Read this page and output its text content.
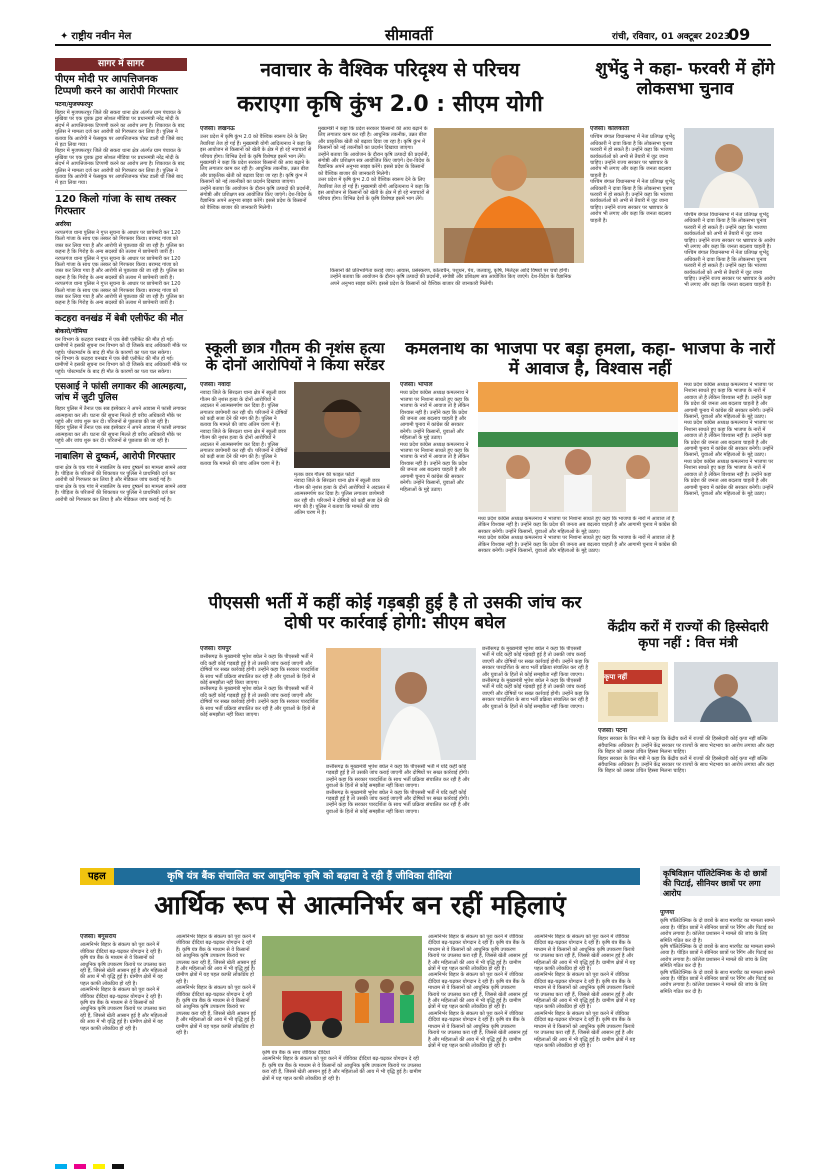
✦ राष्ट्रीय नवीन मेल	सीमावर्ती	रांची, रविवार, 01 अक्टूबर 2023
09
सागर में सागर
पीएम मोदी पर आपत्तिजनक टिप्पणी करने का आरोपी गिरफ्तार
पटना/मुजफ्फरपुर
बिहार में मुजफ्फरपुर जिले की सकरा थाना क्षेत्र अंतर्गत ग्राम पंचायत के मुखिया पर एक युवक द्वारा सोशल मीडिया पर प्रधानमंत्री नरेंद्र मोदी के संदर्भ में आपत्तिजनक टिप्पणी करने का आरोप लगा है। शिकायत के बाद पुलिस ने मामला दर्ज कर आरोपी को गिरफ्तार कर लिया है। पुलिस ने बताया कि आरोपी ने फेसबुक पर आपत्तिजनक पोस्ट डाली थी जिसे बाद में हटा लिया गया।
बिहार में मुजफ्फरपुर जिले की सकरा थाना क्षेत्र अंतर्गत ग्राम पंचायत के मुखिया पर एक युवक द्वारा सोशल मीडिया पर प्रधानमंत्री नरेंद्र मोदी के संदर्भ में आपत्तिजनक टिप्पणी करने का आरोप लगा है। शिकायत के बाद पुलिस ने मामला दर्ज कर आरोपी को गिरफ्तार कर लिया है। पुलिस ने बताया कि आरोपी ने फेसबुक पर आपत्तिजनक पोस्ट डाली थी जिसे बाद में हटा लिया गया।
120 किलो गांजा के साथ तस्कर गिरफ्तार
अररिया
नरपतगंज थाना पुलिस ने गुप्त सूचना के आधार पर छापेमारी कर 120 किलो गांजा के साथ एक तस्कर को गिरफ्तार किया। बरामद गांजा को जब्त कर लिया गया है और आरोपी से पूछताछ की जा रही है। पुलिस का कहना है कि गिरोह के अन्य सदस्यों की तलाश में छापेमारी जारी है।
नरपतगंज थाना पुलिस ने गुप्त सूचना के आधार पर छापेमारी कर 120 किलो गांजा के साथ एक तस्कर को गिरफ्तार किया। बरामद गांजा को जब्त कर लिया गया है और आरोपी से पूछताछ की जा रही है। पुलिस का कहना है कि गिरोह के अन्य सदस्यों की तलाश में छापेमारी जारी है।
नरपतगंज थाना पुलिस ने गुप्त सूचना के आधार पर छापेमारी कर 120 किलो गांजा के साथ एक तस्कर को गिरफ्तार किया। बरामद गांजा को जब्त कर लिया गया है और आरोपी से पूछताछ की जा रही है। पुलिस का कहना है कि गिरोह के अन्य सदस्यों की तलाश में छापेमारी जारी है।
कटहरा वनखंड में बेबी एलीफेंट की मौत
बोकारो/गोमिया
वन विभाग के कटहरा वनखंड में एक बेबी एलीफेंट की मौत हो गई। ग्रामीणों ने इसकी सूचना वन विभाग को दी जिसके बाद अधिकारी मौके पर पहुंचे। पोस्टमार्टम के बाद ही मौत के कारणों का पता चल सकेगा।
वन विभाग के कटहरा वनखंड में एक बेबी एलीफेंट की मौत हो गई। ग्रामीणों ने इसकी सूचना वन विभाग को दी जिसके बाद अधिकारी मौके पर पहुंचे। पोस्टमार्टम के बाद ही मौत के कारणों का पता चल सकेगा।
एसआई ने फांसी लगाकर की आत्महत्या, जांच में जुटी पुलिस
बिहार पुलिस में तैनात एक सब इंस्पेक्टर ने अपने आवास में फांसी लगाकर आत्महत्या कर ली। घटना की सूचना मिलते ही वरीय अधिकारी मौके पर पहुंचे और जांच शुरू कर दी। परिजनों से पूछताछ की जा रही है।
बिहार पुलिस में तैनात एक सब इंस्पेक्टर ने अपने आवास में फांसी लगाकर आत्महत्या कर ली। घटना की सूचना मिलते ही वरीय अधिकारी मौके पर पहुंचे और जांच शुरू कर दी। परिजनों से पूछताछ की जा रही है।
नाबालिग से दुष्कर्म, आरोपी गिरफ्तार
थाना क्षेत्र के एक गांव में नाबालिग के साथ दुष्कर्म का मामला सामने आया है। पीड़िता के परिजनों की शिकायत पर पुलिस ने प्राथमिकी दर्ज कर आरोपी को गिरफ्तार कर लिया है और मेडिकल जांच कराई गई है।
थाना क्षेत्र के एक गांव में नाबालिग के साथ दुष्कर्म का मामला सामने आया है। पीड़िता के परिजनों की शिकायत पर पुलिस ने प्राथमिकी दर्ज कर आरोपी को गिरफ्तार कर लिया है और मेडिकल जांच कराई गई है।
नवाचार के वैश्विक परिदृश्य से परिचय
कराएगा कृषि कुंभ 2.0 : सीएम योगी
एजेंसी। लखनऊ
उत्तर प्रदेश में कृषि कुंभ 2.0 को वैश्विक स्वरूप देने के लिए तैयारियां तेज हो गई हैं। मुख्यमंत्री योगी आदित्यनाथ ने कहा कि इस आयोजन से किसानों को खेती के क्षेत्र में हो रहे नवाचारों से परिचय होगा। विभिन्न देशों के कृषि विशेषज्ञ इसमें भाग लेंगे।
मुख्यमंत्री ने कहा कि प्रदेश सरकार किसानों की आय बढ़ाने के लिए लगातार काम कर रही है। आधुनिक तकनीक, उन्नत बीज और प्राकृतिक खेती को बढ़ावा दिया जा रहा है। कृषि कुंभ में किसानों को नई तकनीकों का प्रदर्शन दिखाया जाएगा।
उन्होंने बताया कि आयोजन के दौरान कृषि उत्पादों की प्रदर्शनी, संगोष्ठी और प्रशिक्षण सत्र आयोजित किए जाएंगे। देश-विदेश के वैज्ञानिक अपने अनुभव साझा करेंगे। इससे प्रदेश के किसानों को वैश्विक बाजार की जानकारी मिलेगी।
मुख्यमंत्री ने कहा कि प्रदेश सरकार किसानों की आय बढ़ाने के लिए लगातार काम कर रही है। आधुनिक तकनीक, उन्नत बीज और प्राकृतिक खेती को बढ़ावा दिया जा रहा है। कृषि कुंभ में किसानों को नई तकनीकों का प्रदर्शन दिखाया जाएगा।
उन्होंने बताया कि आयोजन के दौरान कृषि उत्पादों की प्रदर्शनी, संगोष्ठी और प्रशिक्षण सत्र आयोजित किए जाएंगे। देश-विदेश के वैज्ञानिक अपने अनुभव साझा करेंगे। इससे प्रदेश के किसानों को वैश्विक बाजार की जानकारी मिलेगी।
उत्तर प्रदेश में कृषि कुंभ 2.0 को वैश्विक स्वरूप देने के लिए तैयारियां तेज हो गई हैं। मुख्यमंत्री योगी आदित्यनाथ ने कहा कि इस आयोजन से किसानों को खेती के क्षेत्र में हो रहे नवाचारों से परिचय होगा। विभिन्न देशों के कृषि विशेषज्ञ इसमें भाग लेंगे।
किसानों की प्रतिभागिता कराई जाए। आवास, प्रसंस्करण, कोल्डचैन, पशुधन, पेय, जलवायु, कृषि, मिलेट्स आदि विषयों पर चर्चा होगी।
उन्होंने बताया कि आयोजन के दौरान कृषि उत्पादों की प्रदर्शनी, संगोष्ठी और प्रशिक्षण सत्र आयोजित किए जाएंगे। देश-विदेश के वैज्ञानिक अपने अनुभव साझा करेंगे। इससे प्रदेश के किसानों को वैश्विक बाजार की जानकारी मिलेगी।
शुभेंदु ने कहा- फरवरी में होंगे लोकसभा चुनाव
एजेंसी। कोलकाता
पश्चिम बंगाल विधानसभा में नेता प्रतिपक्ष शुभेंदु अधिकारी ने दावा किया है कि लोकसभा चुनाव फरवरी में हो सकते हैं। उन्होंने कहा कि भाजपा कार्यकर्ताओं को अभी से तैयारी में जुट जाना चाहिए। उन्होंने राज्य सरकार पर भ्रष्टाचार के आरोप भी लगाए और कहा कि जनता बदलाव चाहती है।
पश्चिम बंगाल विधानसभा में नेता प्रतिपक्ष शुभेंदु अधिकारी ने दावा किया है कि लोकसभा चुनाव फरवरी में हो सकते हैं। उन्होंने कहा कि भाजपा कार्यकर्ताओं को अभी से तैयारी में जुट जाना चाहिए। उन्होंने राज्य सरकार पर भ्रष्टाचार के आरोप भी लगाए और कहा कि जनता बदलाव चाहती है।
पश्चिम बंगाल विधानसभा में नेता प्रतिपक्ष शुभेंदु अधिकारी ने दावा किया है कि लोकसभा चुनाव फरवरी में हो सकते हैं। उन्होंने कहा कि भाजपा कार्यकर्ताओं को अभी से तैयारी में जुट जाना चाहिए। उन्होंने राज्य सरकार पर भ्रष्टाचार के आरोप भी लगाए और कहा कि जनता बदलाव चाहती है।
पश्चिम बंगाल विधानसभा में नेता प्रतिपक्ष शुभेंदु अधिकारी ने दावा किया है कि लोकसभा चुनाव फरवरी में हो सकते हैं। उन्होंने कहा कि भाजपा कार्यकर्ताओं को अभी से तैयारी में जुट जाना चाहिए। उन्होंने राज्य सरकार पर भ्रष्टाचार के आरोप भी लगाए और कहा कि जनता बदलाव चाहती है।
स्कूली छात्र गौतम की नृशंस हत्या के दोनों आरोपियों ने किया सरेंडर
एजेंसी। नवादा
नवादा जिले के सिरदला थाना क्षेत्र में स्कूली छात्र गौतम की नृशंस हत्या के दोनों आरोपियों ने अदालत में आत्मसमर्पण कर दिया है। पुलिस लगातार छापेमारी कर रही थी। परिजनों ने दोषियों को कड़ी सजा देने की मांग की है। पुलिस ने बताया कि मामले की जांच अंतिम चरण में है।
नवादा जिले के सिरदला थाना क्षेत्र में स्कूली छात्र गौतम की नृशंस हत्या के दोनों आरोपियों ने अदालत में आत्मसमर्पण कर दिया है। पुलिस लगातार छापेमारी कर रही थी। परिजनों ने दोषियों को कड़ी सजा देने की मांग की है। पुलिस ने बताया कि मामले की जांच अंतिम चरण में है।
मृतक छात्र गौतम की फाइल फोटो
नवादा जिले के सिरदला थाना क्षेत्र में स्कूली छात्र गौतम की नृशंस हत्या के दोनों आरोपियों ने अदालत में आत्मसमर्पण कर दिया है। पुलिस लगातार छापेमारी कर रही थी। परिजनों ने दोषियों को कड़ी सजा देने की मांग की है। पुलिस ने बताया कि मामले की जांच अंतिम चरण में है।
कमलनाथ का भाजपा पर बड़ा हमला, कहा- भाजपा के नारों में आवाज है, विश्वास नहीं
एजेंसी। भोपाल
मध्य प्रदेश कांग्रेस अध्यक्ष कमलनाथ ने भाजपा पर निशाना साधते हुए कहा कि भाजपा के नारों में आवाज तो है लेकिन विश्वास नहीं है। उन्होंने कहा कि प्रदेश की जनता अब बदलाव चाहती है और आगामी चुनाव में कांग्रेस की सरकार बनेगी। उन्होंने किसानों, युवाओं और महिलाओं के मुद्दे उठाए।
मध्य प्रदेश कांग्रेस अध्यक्ष कमलनाथ ने भाजपा पर निशाना साधते हुए कहा कि भाजपा के नारों में आवाज तो है लेकिन विश्वास नहीं है। उन्होंने कहा कि प्रदेश की जनता अब बदलाव चाहती है और आगामी चुनाव में कांग्रेस की सरकार बनेगी। उन्होंने किसानों, युवाओं और महिलाओं के मुद्दे उठाए।
मध्य प्रदेश कांग्रेस अध्यक्ष कमलनाथ ने भाजपा पर निशाना साधते हुए कहा कि भाजपा के नारों में आवाज तो है लेकिन विश्वास नहीं है। उन्होंने कहा कि प्रदेश की जनता अब बदलाव चाहती है और आगामी चुनाव में कांग्रेस की सरकार बनेगी। उन्होंने किसानों, युवाओं और महिलाओं के मुद्दे उठाए।
मध्य प्रदेश कांग्रेस अध्यक्ष कमलनाथ ने भाजपा पर निशाना साधते हुए कहा कि भाजपा के नारों में आवाज तो है लेकिन विश्वास नहीं है। उन्होंने कहा कि प्रदेश की जनता अब बदलाव चाहती है और आगामी चुनाव में कांग्रेस की सरकार बनेगी। उन्होंने किसानों, युवाओं और महिलाओं के मुद्दे उठाए।
मध्य प्रदेश कांग्रेस अध्यक्ष कमलनाथ ने भाजपा पर निशाना साधते हुए कहा कि भाजपा के नारों में आवाज तो है लेकिन विश्वास नहीं है। उन्होंने कहा कि प्रदेश की जनता अब बदलाव चाहती है और आगामी चुनाव में कांग्रेस की सरकार बनेगी। उन्होंने किसानों, युवाओं और महिलाओं के मुद्दे उठाए।
मध्य प्रदेश कांग्रेस अध्यक्ष कमलनाथ ने भाजपा पर निशाना साधते हुए कहा कि भाजपा के नारों में आवाज तो है लेकिन विश्वास नहीं है। उन्होंने कहा कि प्रदेश की जनता अब बदलाव चाहती है और आगामी चुनाव में कांग्रेस की सरकार बनेगी। उन्होंने किसानों, युवाओं और महिलाओं के मुद्दे उठाए।
मध्य प्रदेश कांग्रेस अध्यक्ष कमलनाथ ने भाजपा पर निशाना साधते हुए कहा कि भाजपा के नारों में आवाज तो है लेकिन विश्वास नहीं है। उन्होंने कहा कि प्रदेश की जनता अब बदलाव चाहती है और आगामी चुनाव में कांग्रेस की सरकार बनेगी। उन्होंने किसानों, युवाओं और महिलाओं के मुद्दे उठाए।
पीएससी भर्ती में कहीं कोई गड़बड़ी हुई है तो उसकी जांच कर दोषी पर कार्रवाई होगी: सीएम बघेल
एजेंसी। रायपुर
छत्तीसगढ़ के मुख्यमंत्री भूपेश बघेल ने कहा कि पीएससी भर्ती में यदि कहीं कोई गड़बड़ी हुई है तो उसकी जांच कराई जाएगी और दोषियों पर सख्त कार्रवाई होगी। उन्होंने कहा कि सरकार पारदर्शिता के साथ भर्ती प्रक्रिया संचालित कर रही है और युवाओं के हितों से कोई समझौता नहीं किया जाएगा।
छत्तीसगढ़ के मुख्यमंत्री भूपेश बघेल ने कहा कि पीएससी भर्ती में यदि कहीं कोई गड़बड़ी हुई है तो उसकी जांच कराई जाएगी और दोषियों पर सख्त कार्रवाई होगी। उन्होंने कहा कि सरकार पारदर्शिता के साथ भर्ती प्रक्रिया संचालित कर रही है और युवाओं के हितों से कोई समझौता नहीं किया जाएगा।
छत्तीसगढ़ के मुख्यमंत्री भूपेश बघेल ने कहा कि पीएससी भर्ती में यदि कहीं कोई गड़बड़ी हुई है तो उसकी जांच कराई जाएगी और दोषियों पर सख्त कार्रवाई होगी। उन्होंने कहा कि सरकार पारदर्शिता के साथ भर्ती प्रक्रिया संचालित कर रही है और युवाओं के हितों से कोई समझौता नहीं किया जाएगा।
छत्तीसगढ़ के मुख्यमंत्री भूपेश बघेल ने कहा कि पीएससी भर्ती में यदि कहीं कोई गड़बड़ी हुई है तो उसकी जांच कराई जाएगी और दोषियों पर सख्त कार्रवाई होगी। उन्होंने कहा कि सरकार पारदर्शिता के साथ भर्ती प्रक्रिया संचालित कर रही है और युवाओं के हितों से कोई समझौता नहीं किया जाएगा।
छत्तीसगढ़ के मुख्यमंत्री भूपेश बघेल ने कहा कि पीएससी भर्ती में यदि कहीं कोई गड़बड़ी हुई है तो उसकी जांच कराई जाएगी और दोषियों पर सख्त कार्रवाई होगी। उन्होंने कहा कि सरकार पारदर्शिता के साथ भर्ती प्रक्रिया संचालित कर रही है और युवाओं के हितों से कोई समझौता नहीं किया जाएगा।
छत्तीसगढ़ के मुख्यमंत्री भूपेश बघेल ने कहा कि पीएससी भर्ती में यदि कहीं कोई गड़बड़ी हुई है तो उसकी जांच कराई जाएगी और दोषियों पर सख्त कार्रवाई होगी। उन्होंने कहा कि सरकार पारदर्शिता के साथ भर्ती प्रक्रिया संचालित कर रही है और युवाओं के हितों से कोई समझौता नहीं किया जाएगा।
केंद्रीय करों में राज्यों की हिस्सेदारी कृपा नहीं : वित्त मंत्री
कृपा नहीं
एजेंसी। पटना
बिहार सरकार के वित्त मंत्री ने कहा कि केंद्रीय करों में राज्यों की हिस्सेदारी कोई कृपा नहीं बल्कि संवैधानिक अधिकार है। उन्होंने केंद्र सरकार पर राज्यों के साथ भेदभाव का आरोप लगाया और कहा कि बिहार को उसका उचित हिस्सा मिलना चाहिए।
बिहार सरकार के वित्त मंत्री ने कहा कि केंद्रीय करों में राज्यों की हिस्सेदारी कोई कृपा नहीं बल्कि संवैधानिक अधिकार है। उन्होंने केंद्र सरकार पर राज्यों के साथ भेदभाव का आरोप लगाया और कहा कि बिहार को उसका उचित हिस्सा मिलना चाहिए।
पहल	कृषि यंत्र बैंक संचालित कर आधुनिक कृषि को बढ़ावा दे रही हैं जीविका दीदियां
आर्थिक रूप से आत्मनिर्भर बन रहीं महिलाएं
एजेंसी। बेगूसराय
आत्मनिर्भर बिहार के संकल्प को पूरा करने में जीविका दीदियां बढ़-चढ़कर योगदान दे रही हैं। कृषि यंत्र बैंक के माध्यम से वे किसानों को आधुनिक कृषि उपकरण किराये पर उपलब्ध करा रही हैं, जिससे खेती आसान हुई है और महिलाओं की आय में भी वृद्धि हुई है। ग्रामीण क्षेत्रों में यह पहल काफी लोकप्रिय हो रही है।
आत्मनिर्भर बिहार के संकल्प को पूरा करने में जीविका दीदियां बढ़-चढ़कर योगदान दे रही हैं। कृषि यंत्र बैंक के माध्यम से वे किसानों को आधुनिक कृषि उपकरण किराये पर उपलब्ध करा रही हैं, जिससे खेती आसान हुई है और महिलाओं की आय में भी वृद्धि हुई है। ग्रामीण क्षेत्रों में यह पहल काफी लोकप्रिय हो रही है।
आत्मनिर्भर बिहार के संकल्प को पूरा करने में जीविका दीदियां बढ़-चढ़कर योगदान दे रही हैं। कृषि यंत्र बैंक के माध्यम से वे किसानों को आधुनिक कृषि उपकरण किराये पर उपलब्ध करा रही हैं, जिससे खेती आसान हुई है और महिलाओं की आय में भी वृद्धि हुई है। ग्रामीण क्षेत्रों में यह पहल काफी लोकप्रिय हो रही है।
आत्मनिर्भर बिहार के संकल्प को पूरा करने में जीविका दीदियां बढ़-चढ़कर योगदान दे रही हैं। कृषि यंत्र बैंक के माध्यम से वे किसानों को आधुनिक कृषि उपकरण किराये पर उपलब्ध करा रही हैं, जिससे खेती आसान हुई है और महिलाओं की आय में भी वृद्धि हुई है। ग्रामीण क्षेत्रों में यह पहल काफी लोकप्रिय हो रही है।
कृषि यंत्र बैंक के साथ जीविका दीदियां
आत्मनिर्भर बिहार के संकल्प को पूरा करने में जीविका दीदियां बढ़-चढ़कर योगदान दे रही हैं। कृषि यंत्र बैंक के माध्यम से वे किसानों को आधुनिक कृषि उपकरण किराये पर उपलब्ध करा रही हैं, जिससे खेती आसान हुई है और महिलाओं की आय में भी वृद्धि हुई है। ग्रामीण क्षेत्रों में यह पहल काफी लोकप्रिय हो रही है।
आत्मनिर्भर बिहार के संकल्प को पूरा करने में जीविका दीदियां बढ़-चढ़कर योगदान दे रही हैं। कृषि यंत्र बैंक के माध्यम से वे किसानों को आधुनिक कृषि उपकरण किराये पर उपलब्ध करा रही हैं, जिससे खेती आसान हुई है और महिलाओं की आय में भी वृद्धि हुई है। ग्रामीण क्षेत्रों में यह पहल काफी लोकप्रिय हो रही है।
आत्मनिर्भर बिहार के संकल्प को पूरा करने में जीविका दीदियां बढ़-चढ़कर योगदान दे रही हैं। कृषि यंत्र बैंक के माध्यम से वे किसानों को आधुनिक कृषि उपकरण किराये पर उपलब्ध करा रही हैं, जिससे खेती आसान हुई है और महिलाओं की आय में भी वृद्धि हुई है। ग्रामीण क्षेत्रों में यह पहल काफी लोकप्रिय हो रही है।
आत्मनिर्भर बिहार के संकल्प को पूरा करने में जीविका दीदियां बढ़-चढ़कर योगदान दे रही हैं। कृषि यंत्र बैंक के माध्यम से वे किसानों को आधुनिक कृषि उपकरण किराये पर उपलब्ध करा रही हैं, जिससे खेती आसान हुई है और महिलाओं की आय में भी वृद्धि हुई है। ग्रामीण क्षेत्रों में यह पहल काफी लोकप्रिय हो रही है।
आत्मनिर्भर बिहार के संकल्प को पूरा करने में जीविका दीदियां बढ़-चढ़कर योगदान दे रही हैं। कृषि यंत्र बैंक के माध्यम से वे किसानों को आधुनिक कृषि उपकरण किराये पर उपलब्ध करा रही हैं, जिससे खेती आसान हुई है और महिलाओं की आय में भी वृद्धि हुई है। ग्रामीण क्षेत्रों में यह पहल काफी लोकप्रिय हो रही है।
आत्मनिर्भर बिहार के संकल्प को पूरा करने में जीविका दीदियां बढ़-चढ़कर योगदान दे रही हैं। कृषि यंत्र बैंक के माध्यम से वे किसानों को आधुनिक कृषि उपकरण किराये पर उपलब्ध करा रही हैं, जिससे खेती आसान हुई है और महिलाओं की आय में भी वृद्धि हुई है। ग्रामीण क्षेत्रों में यह पहल काफी लोकप्रिय हो रही है।
आत्मनिर्भर बिहार के संकल्प को पूरा करने में जीविका दीदियां बढ़-चढ़कर योगदान दे रही हैं। कृषि यंत्र बैंक के माध्यम से वे किसानों को आधुनिक कृषि उपकरण किराये पर उपलब्ध करा रही हैं, जिससे खेती आसान हुई है और महिलाओं की आय में भी वृद्धि हुई है। ग्रामीण क्षेत्रों में यह पहल काफी लोकप्रिय हो रही है।
कृषिविज्ञान पॉलिटेक्निक के दो छात्रों की पिटाई, सीनियर छात्रों पर लगा आरोप
पूर्णिया
कृषि पॉलिटेक्निक के दो छात्रों के साथ मारपीट का मामला सामने आया है। पीड़ित छात्रों ने सीनियर छात्रों पर रैगिंग और पिटाई का आरोप लगाया है। कॉलेज प्रशासन ने मामले की जांच के लिए समिति गठित कर दी है।
कृषि पॉलिटेक्निक के दो छात्रों के साथ मारपीट का मामला सामने आया है। पीड़ित छात्रों ने सीनियर छात्रों पर रैगिंग और पिटाई का आरोप लगाया है। कॉलेज प्रशासन ने मामले की जांच के लिए समिति गठित कर दी है।
कृषि पॉलिटेक्निक के दो छात्रों के साथ मारपीट का मामला सामने आया है। पीड़ित छात्रों ने सीनियर छात्रों पर रैगिंग और पिटाई का आरोप लगाया है। कॉलेज प्रशासन ने मामले की जांच के लिए समिति गठित कर दी है।
